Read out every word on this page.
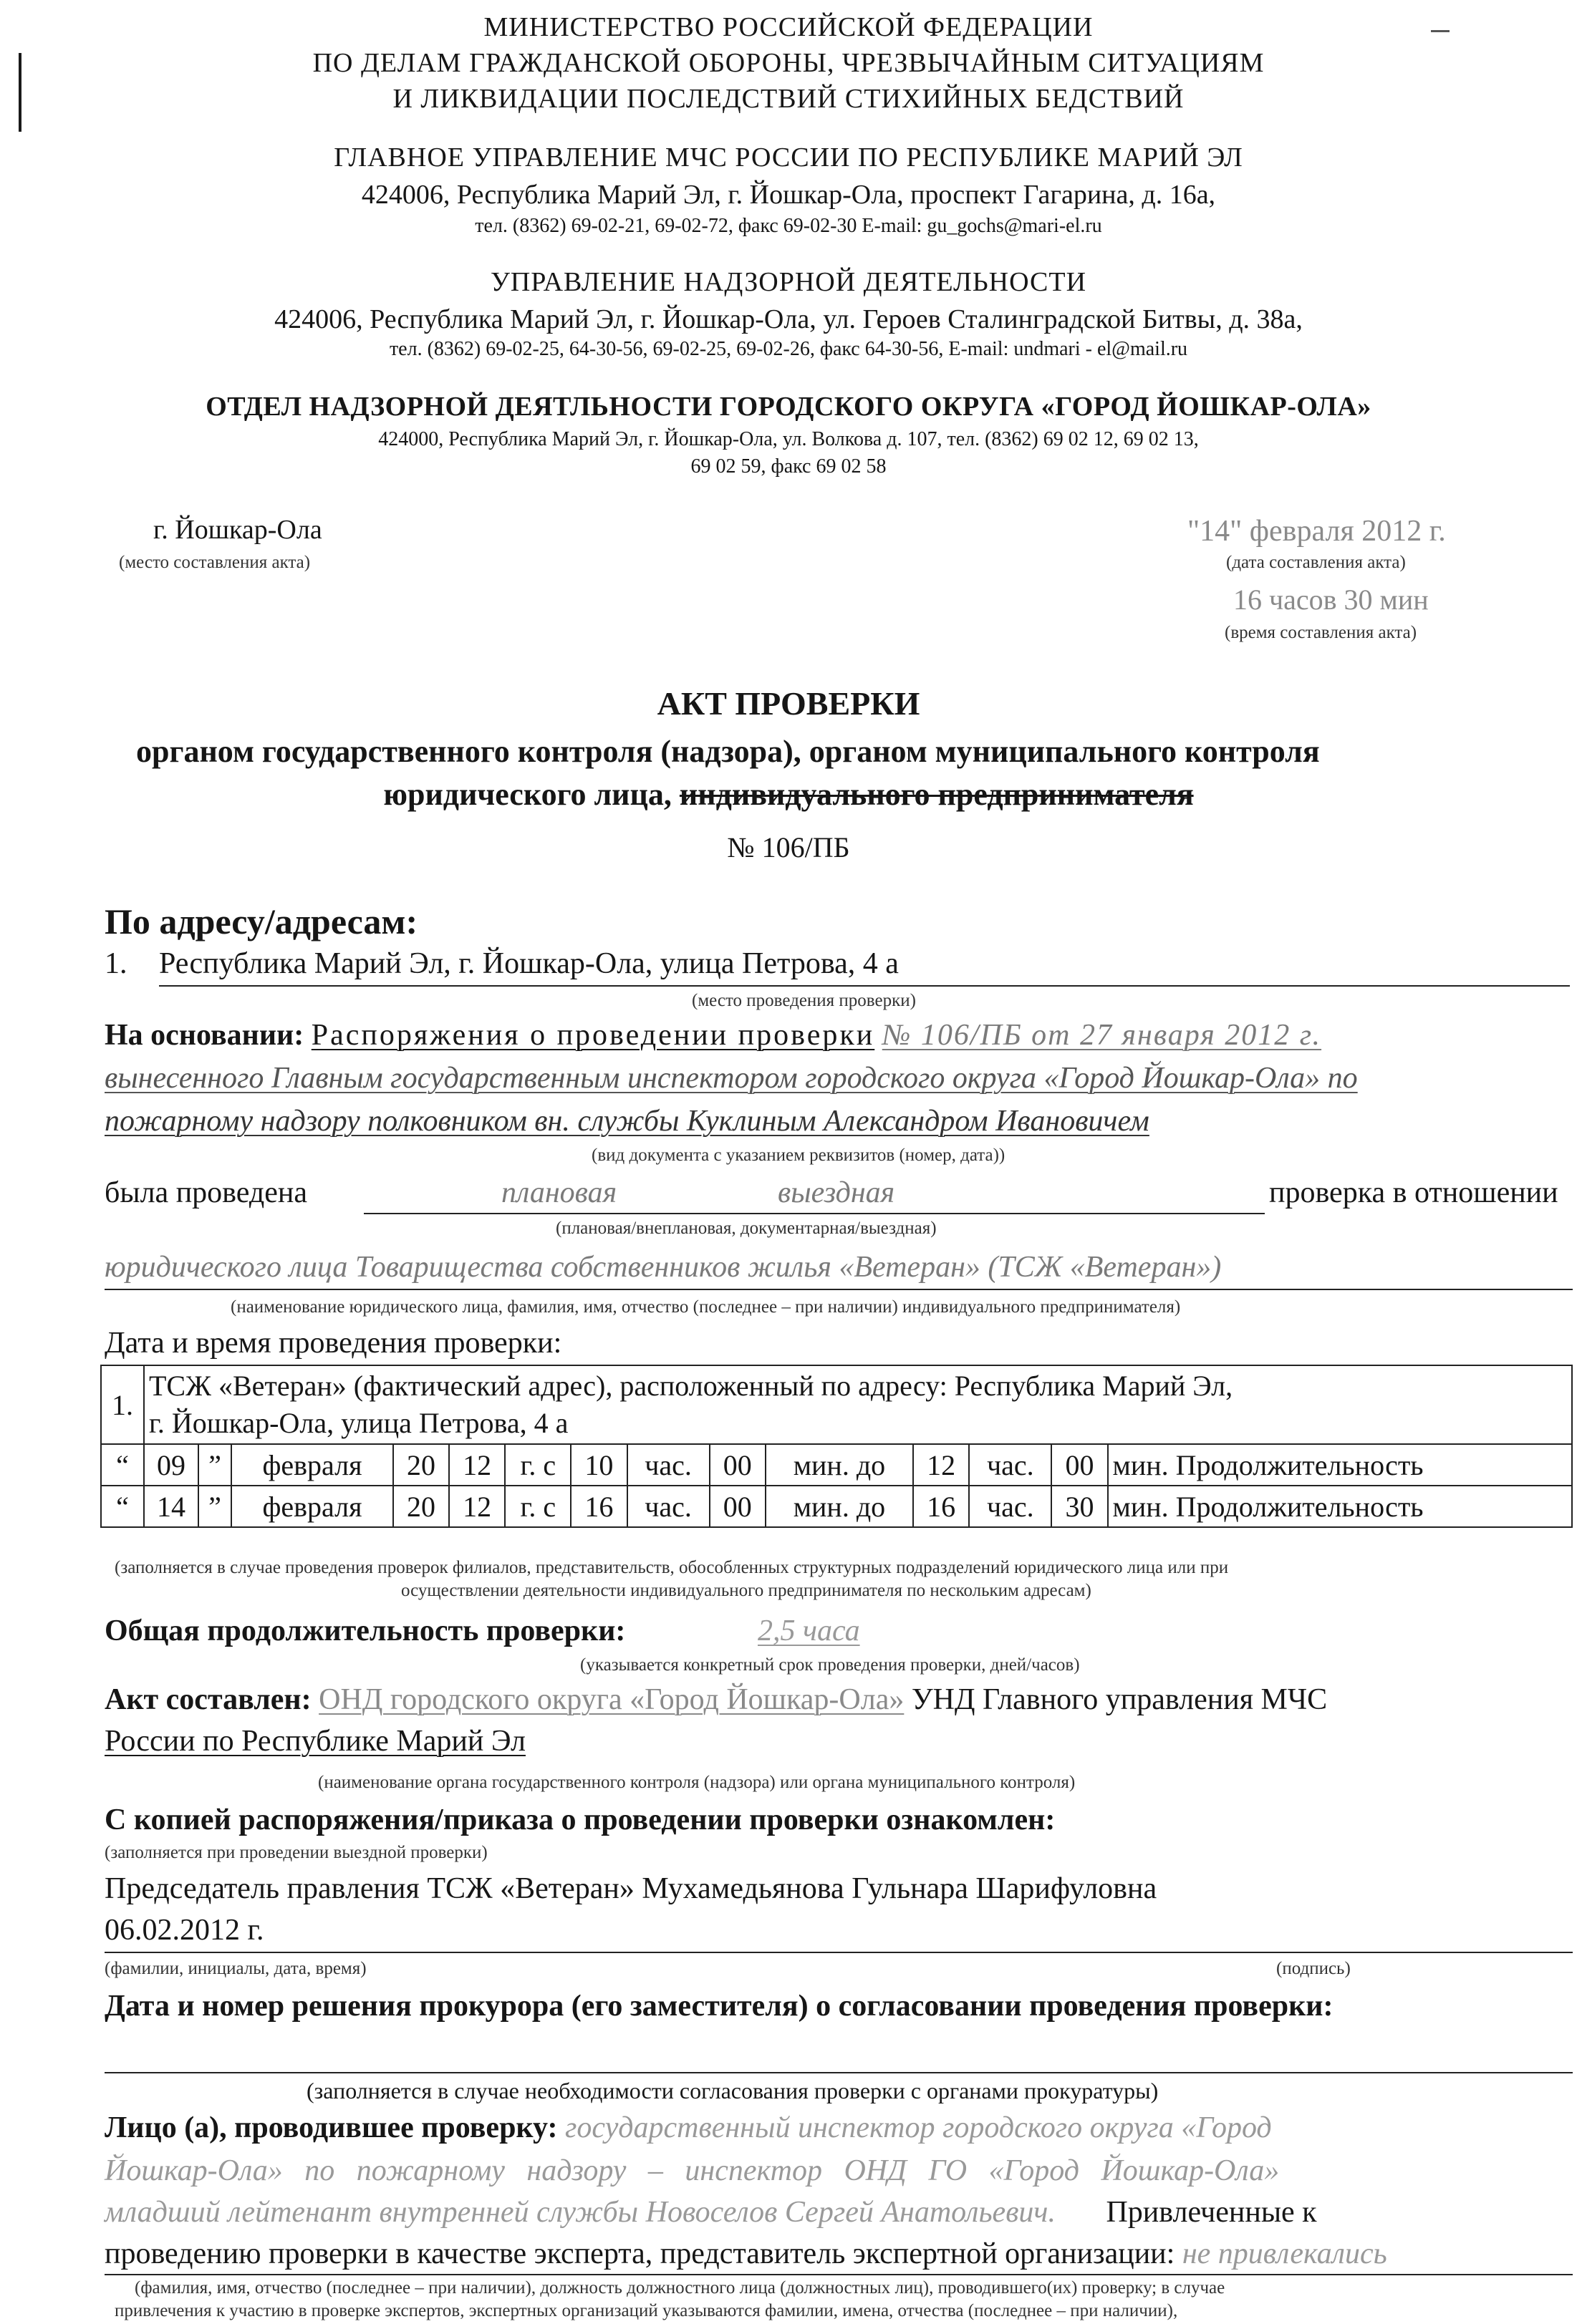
МИНИСТЕРСТВО РОССИЙСКОЙ ФЕДЕРАЦИИ
ПО ДЕЛАМ ГРАЖДАНСКОЙ ОБОРОНЫ, ЧРЕЗВЫЧАЙНЫМ СИТУАЦИЯМ
И ЛИКВИДАЦИИ ПОСЛЕДСТВИЙ СТИХИЙНЫХ БЕДСТВИЙ
ГЛАВНОЕ УПРАВЛЕНИЕ МЧС РОССИИ ПО РЕСПУБЛИКЕ МАРИЙ ЭЛ
424006, Республика Марий Эл, г. Йошкар-Ола, проспект Гагарина, д. 16а,
тел. (8362) 69-02-21, 69-02-72, факс 69-02-30 E-mail: gu_gochs@mari-el.ru
УПРАВЛЕНИЕ НАДЗОРНОЙ ДЕЯТЕЛЬНОСТИ
424006, Республика Марий Эл, г. Йошкар-Ола, ул. Героев Сталинградской Битвы, д. 38а,
тел. (8362) 69-02-25, 64-30-56, 69-02-25, 69-02-26, факс 64-30-56, E-mail: undmari - el@mail.ru
ОТДЕЛ НАДЗОРНОЙ ДЕЯТЛЬНОСТИ ГОРОДСКОГО ОКРУГА «ГОРОД ЙОШКАР-ОЛА»
424000, Республика Марий Эл, г. Йошкар-Ола, ул. Волкова д. 107, тел. (8362) 69 02 12, 69 02 13,
69 02 59, факс 69 02 58
г. Йошкар-Ола
(место составления акта)
"14" февраля 2012 г.
(дата составления акта)
16 часов 30 мин
(время составления акта)
АКТ ПРОВЕРКИ
органом государственного контроля (надзора), органом муниципального контроля
юридического лица, индивидуального предпринимателя
№ 106/ПБ
По адресу/адресам:
1. Республика Марий Эл, г. Йошкар-Ола, улица Петрова, 4 а
(место проведения проверки)
На основании: Распоряжения о проведении проверки № 106/ПБ от 27 января 2012 г.
вынесенного Главным государственным инспектором городского округа «Город Йошкар-Ола» по
пожарному надзору полковником вн. службы Куклиным Александром Ивановичем
(вид документа с указанием реквизитов (номер, дата))
была проведена	плановая	выездная	проверка в отношении
(плановая/внеплановая, документарная/выездная)
юридического лица Товарищества собственников жилья «Ветеран» (ТСЖ «Ветеран»)
(наименование юридического лица, фамилия, имя, отчество (последнее – при наличии) индивидуального предпринимателя)
Дата и время проведения проверки:
1.	ТСЖ «Ветеран» (фактический адрес), расположенный по адресу: Республика Марий Эл,
г. Йошкар-Ола, улица Петрова, 4 а													

“	09	”	февраля	20	12	г. с	10	час.	00	мин. до	12	час.	00	мин. Продолжительность
“	14	”	февраля	20	12	г. с	16	час.	00	мин. до	16	час.	30	мин. Продолжительность
(заполняется в случае проведения проверок филиалов, представительств, обособленных структурных подразделений юридического лица или при
осуществлении деятельности индивидуального предпринимателя по нескольким адресам)
Общая продолжительность проверки:	2,5 часа
(указывается конкретный срок проведения проверки, дней/часов)
Акт составлен: ОНД городского округа «Город Йошкар-Ола» УНД Главного управления МЧС
России по Республике Марий Эл
(наименование органа государственного контроля (надзора) или органа муниципального контроля)
С копией распоряжения/приказа о проведении проверки ознакомлен:
(заполняется при проведении выездной проверки)
Председатель правления ТСЖ «Ветеран» Мухамедьянова Гульнара Шарифуловна
06.02.2012 г.
(фамилии, инициалы, дата, время)	(подпись)
Дата и номер решения прокурора (его заместителя) о согласовании проведения проверки:
(заполняется в случае необходимости согласования проверки с органами прокуратуры)
Лицо (а), проводившее проверку: государственный инспектор городского округа «Город
Йошкар-Ола» по пожарному надзору – инспектор ОНД ГО «Город Йошкар-Ола»
младший лейтенант внутренней службы Новоселов Сергей Анатольевич. Привлеченные к
проведению проверки в качестве эксперта, представитель экспертной организации: не привлекались
(фамилия, имя, отчество (последнее – при наличии), должность должностного лица (должностных лиц), проводившего(их) проверку; в случае
привлечения к участию в проверке экспертов, экспертных организаций указываются фамилии, имена, отчества (последнее – при наличии),
